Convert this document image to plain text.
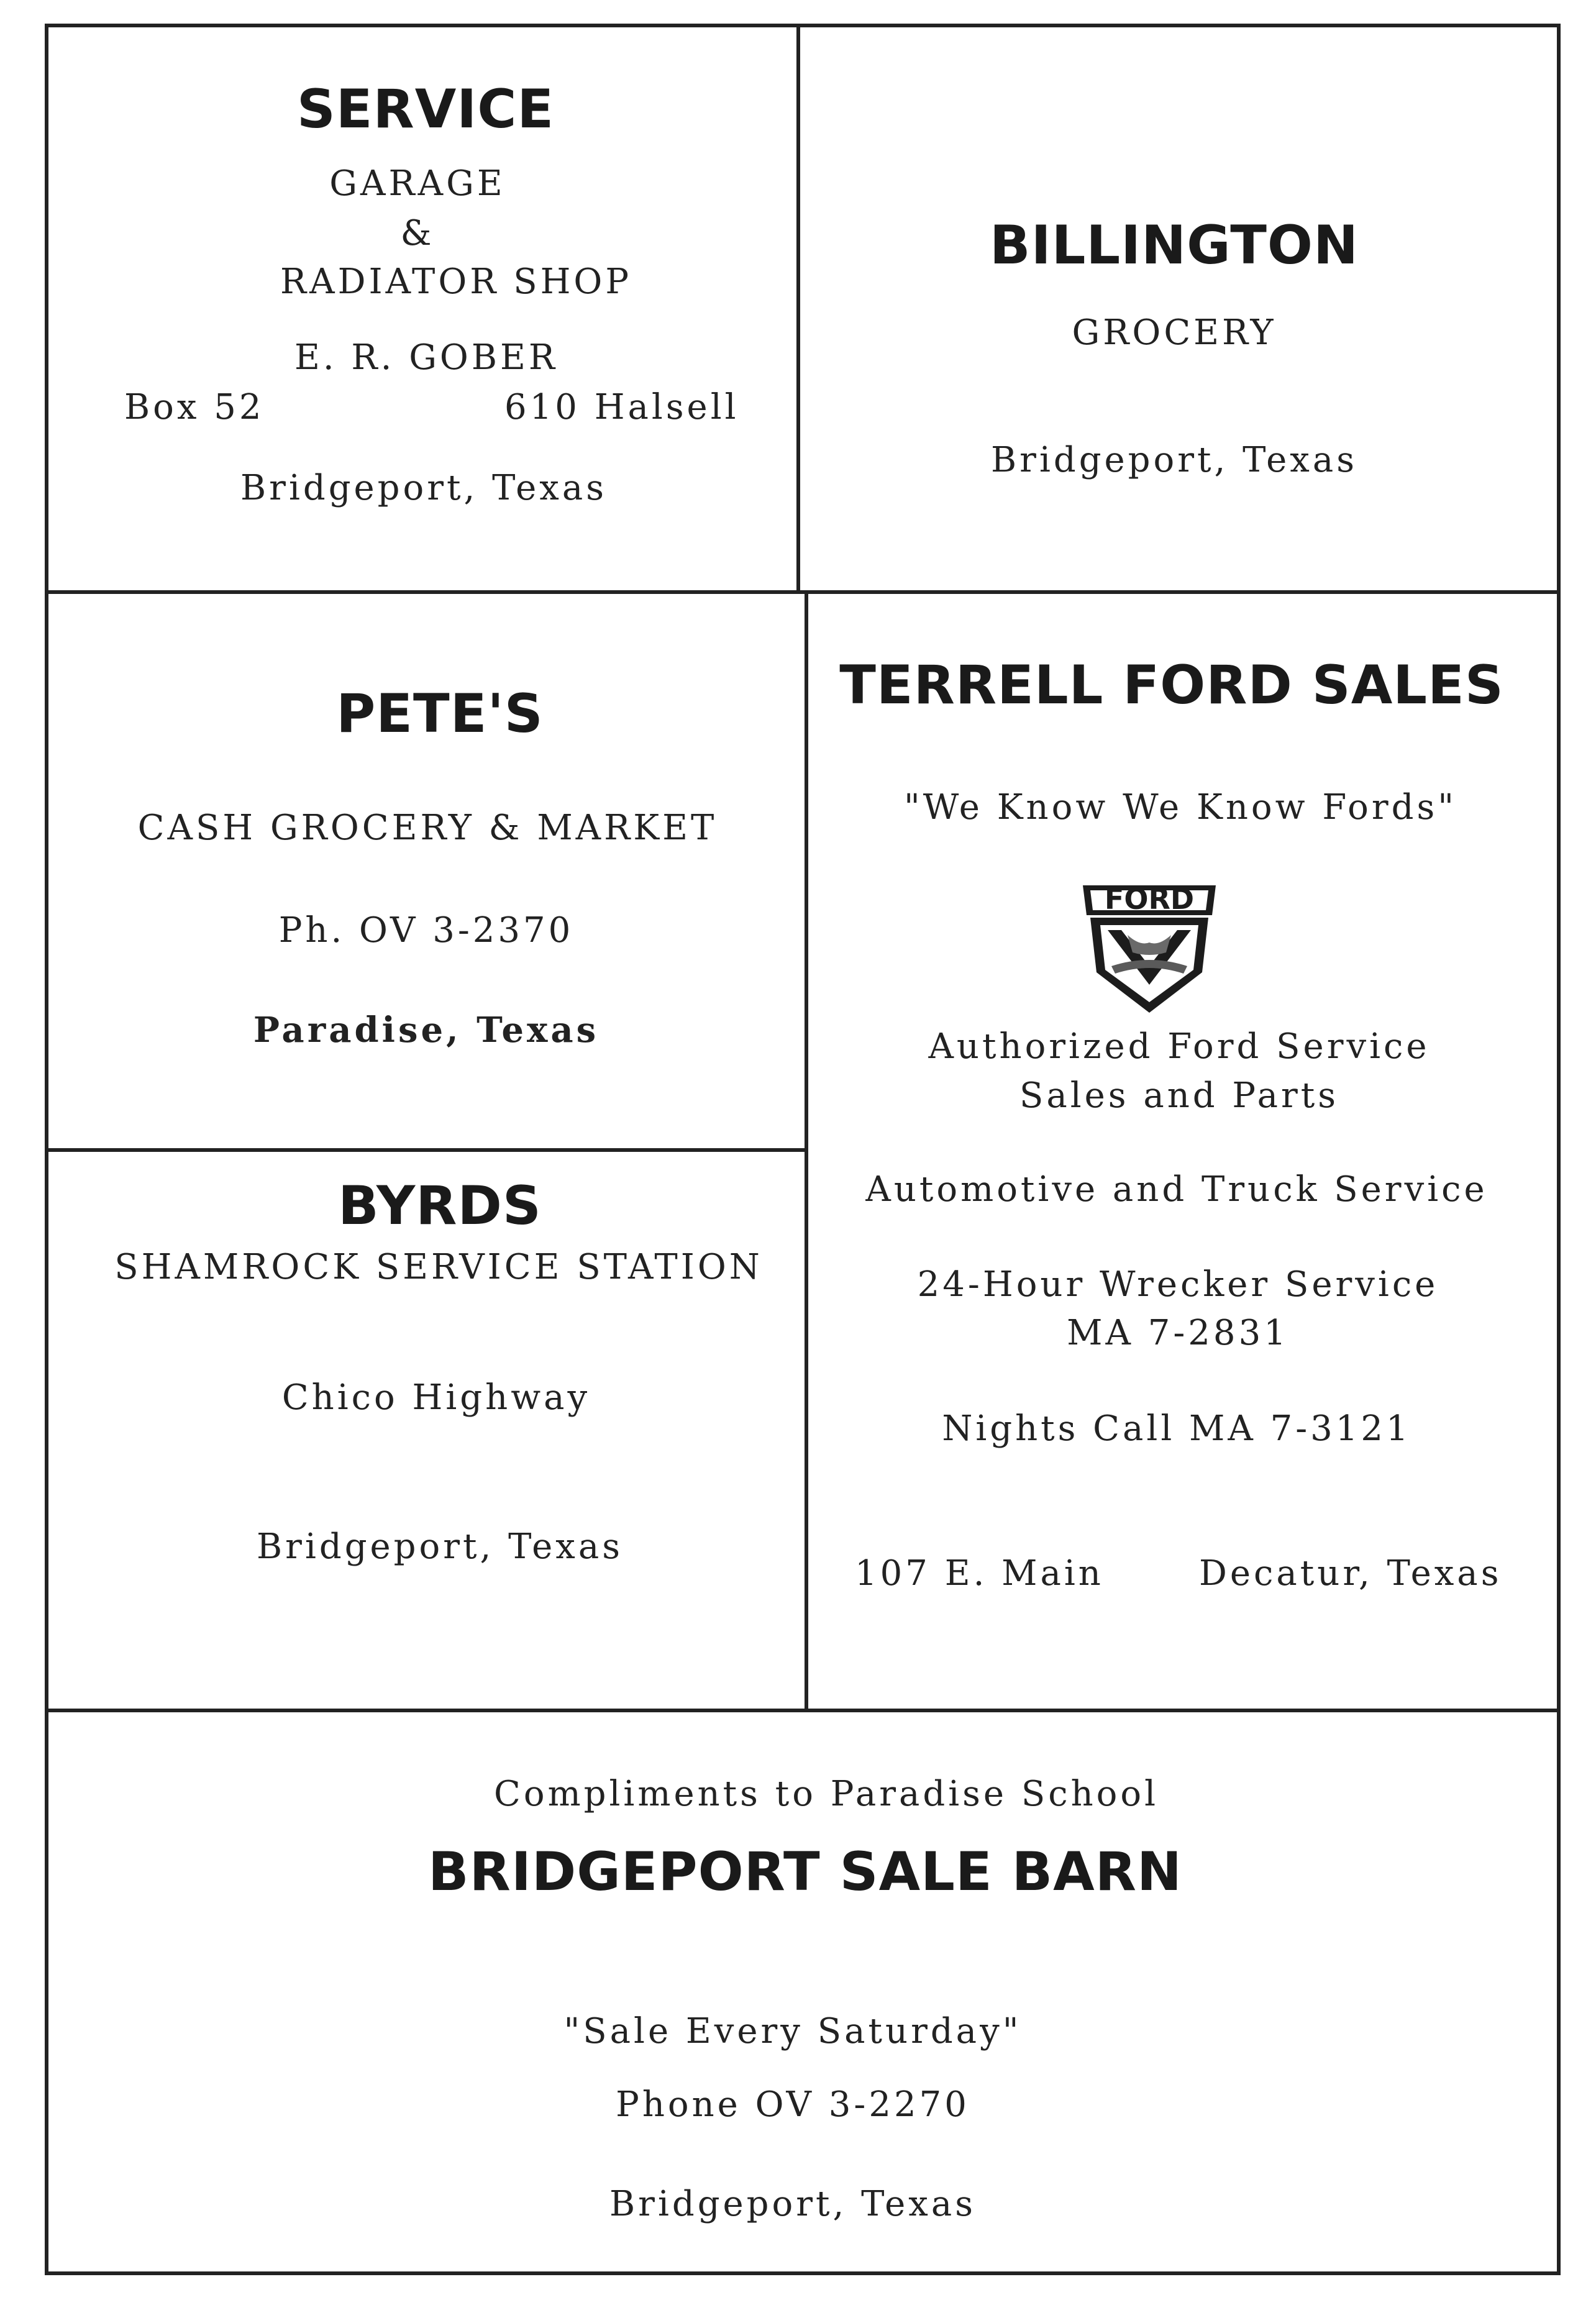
SERVICE
GARAGE
&
RADIATOR SHOP
E. R. GOBER
Box 52	610 Halsell
Bridgeport, Texas
BILLINGTON
GROCERY
Bridgeport, Texas
PETE'S
CASH GROCERY & MARKET
Ph. OV 3-2370
Paradise, Texas
BYRDS
SHAMROCK SERVICE STATION
Chico Highway
Bridgeport, Texas
TERRELL FORD SALES
"We Know We Know Fords"
FORD
Authorized Ford Service
Sales and Parts
Automotive and Truck Service
24-Hour Wrecker Service
MA 7-2831
Nights Call MA 7-3121
107 E. Main	Decatur, Texas
Compliments to Paradise School
BRIDGEPORT SALE BARN
"Sale Every Saturday"
Phone OV 3-2270
Bridgeport, Texas
